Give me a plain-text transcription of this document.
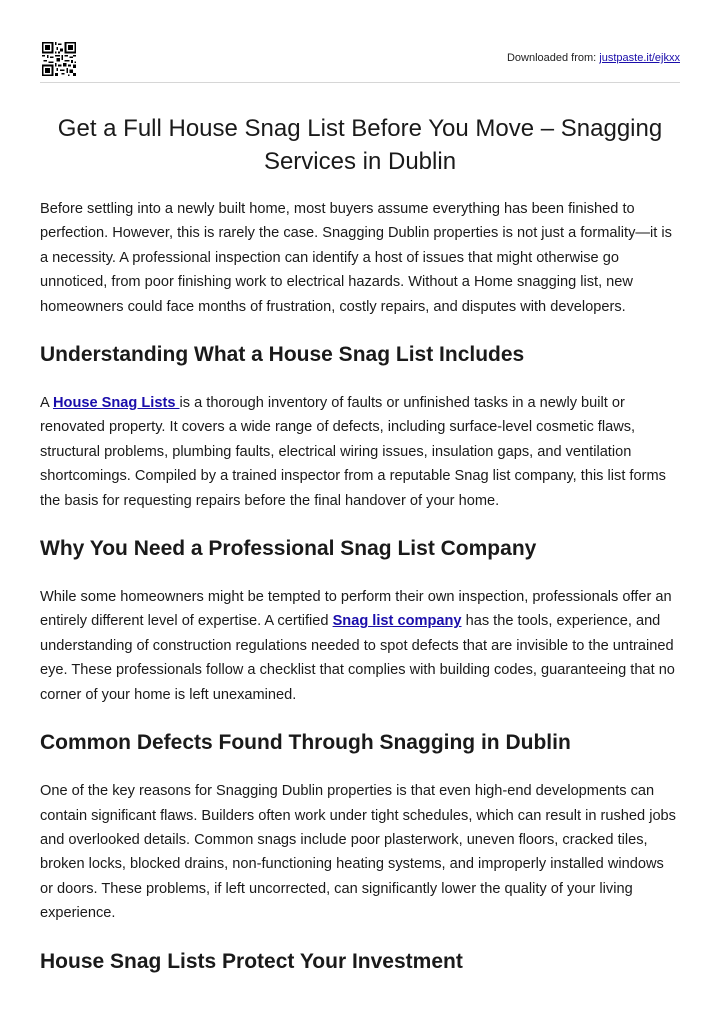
Downloaded from: justpaste.it/ejkxx
Get a Full House Snag List Before You Move – Snagging Services in Dublin

Before settling into a newly built home, most buyers assume everything has been finished to perfection. However, this is rarely the case. Snagging Dublin properties is not just a formality—it is a necessity. A professional inspection can identify a host of issues that might otherwise go unnoticed, from poor finishing work to electrical hazards. Without a Home snagging list, new homeowners could face months of frustration, costly repairs, and disputes with developers.

Understanding What a House Snag List Includes

A House Snag Lists is a thorough inventory of faults or unfinished tasks in a newly built or renovated property. It covers a wide range of defects, including surface-level cosmetic flaws, structural problems, plumbing faults, electrical wiring issues, insulation gaps, and ventilation shortcomings. Compiled by a trained inspector from a reputable Snag list company, this list forms the basis for requesting repairs before the final handover of your home.

Why You Need a Professional Snag List Company

While some homeowners might be tempted to perform their own inspection, professionals offer an entirely different level of expertise. A certified Snag list company has the tools, experience, and understanding of construction regulations needed to spot defects that are invisible to the untrained eye. These professionals follow a checklist that complies with building codes, guaranteeing that no corner of your home is left unexamined.

Common Defects Found Through Snagging in Dublin

One of the key reasons for Snagging Dublin properties is that even high-end developments can contain significant flaws. Builders often work under tight schedules, which can result in rushed jobs and overlooked details. Common snags include poor plasterwork, uneven floors, cracked tiles, broken locks, blocked drains, non-functioning heating systems, and improperly installed windows or doors. These problems, if left uncorrected, can significantly lower the quality of your living experience.

House Snag Lists Protect Your Investment
